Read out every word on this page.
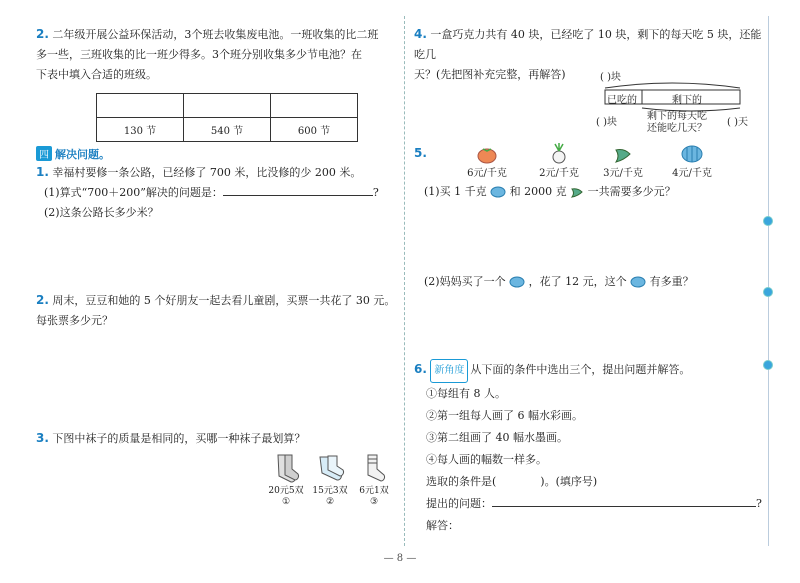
2. 二年级开展公益环保活动，3个班去收集废电池。一班收集的比二班
多一些，三班收集的比一班少得多。3个班分别收集多少节电池？在
下表中填入合适的班级。

130 节	540 节	600 节
四 解决问题。
1. 幸福村要修一条公路，已经修了 700 米，比没修的少 200 米。
(1)算式“700＋200”解决的问题是：	?
(2)这条公路长多少米？
2. 周末，豆豆和她的 5 个好朋友一起去看儿童剧，买票一共花了 30 元。
每张票多少元？
3. 下图中袜子的质量是相同的，买哪一种袜子最划算？
20元5双
①
15元3双
②
6元1双
③
4. 一盒巧克力共有 40 块，已经吃了 10 块，剩下的每天吃 5 块，还能吃几
天？(先把图补充完整，再解答)	( )块
已吃的	剩下的
( )块
剩下的每天吃
还能吃几天？
( )天
5.
6元/千克	2元/千克	3元/千克	4元/千克
(1)买 1 千克 和 2000 克 一共需要多少元？
(2)妈妈买了一个 ，花了 12 元，这个 有多重？
6. 新角度 从下面的条件中选出三个，提出问题并解答。
①每组有 8 人。
②第一组每人画了 6 幅水彩画。
③第二组画了 40 幅水墨画。
④每人画的幅数一样多。
选取的条件是(	)。(填序号)
提出的问题：	?
解答：
— 8 —
